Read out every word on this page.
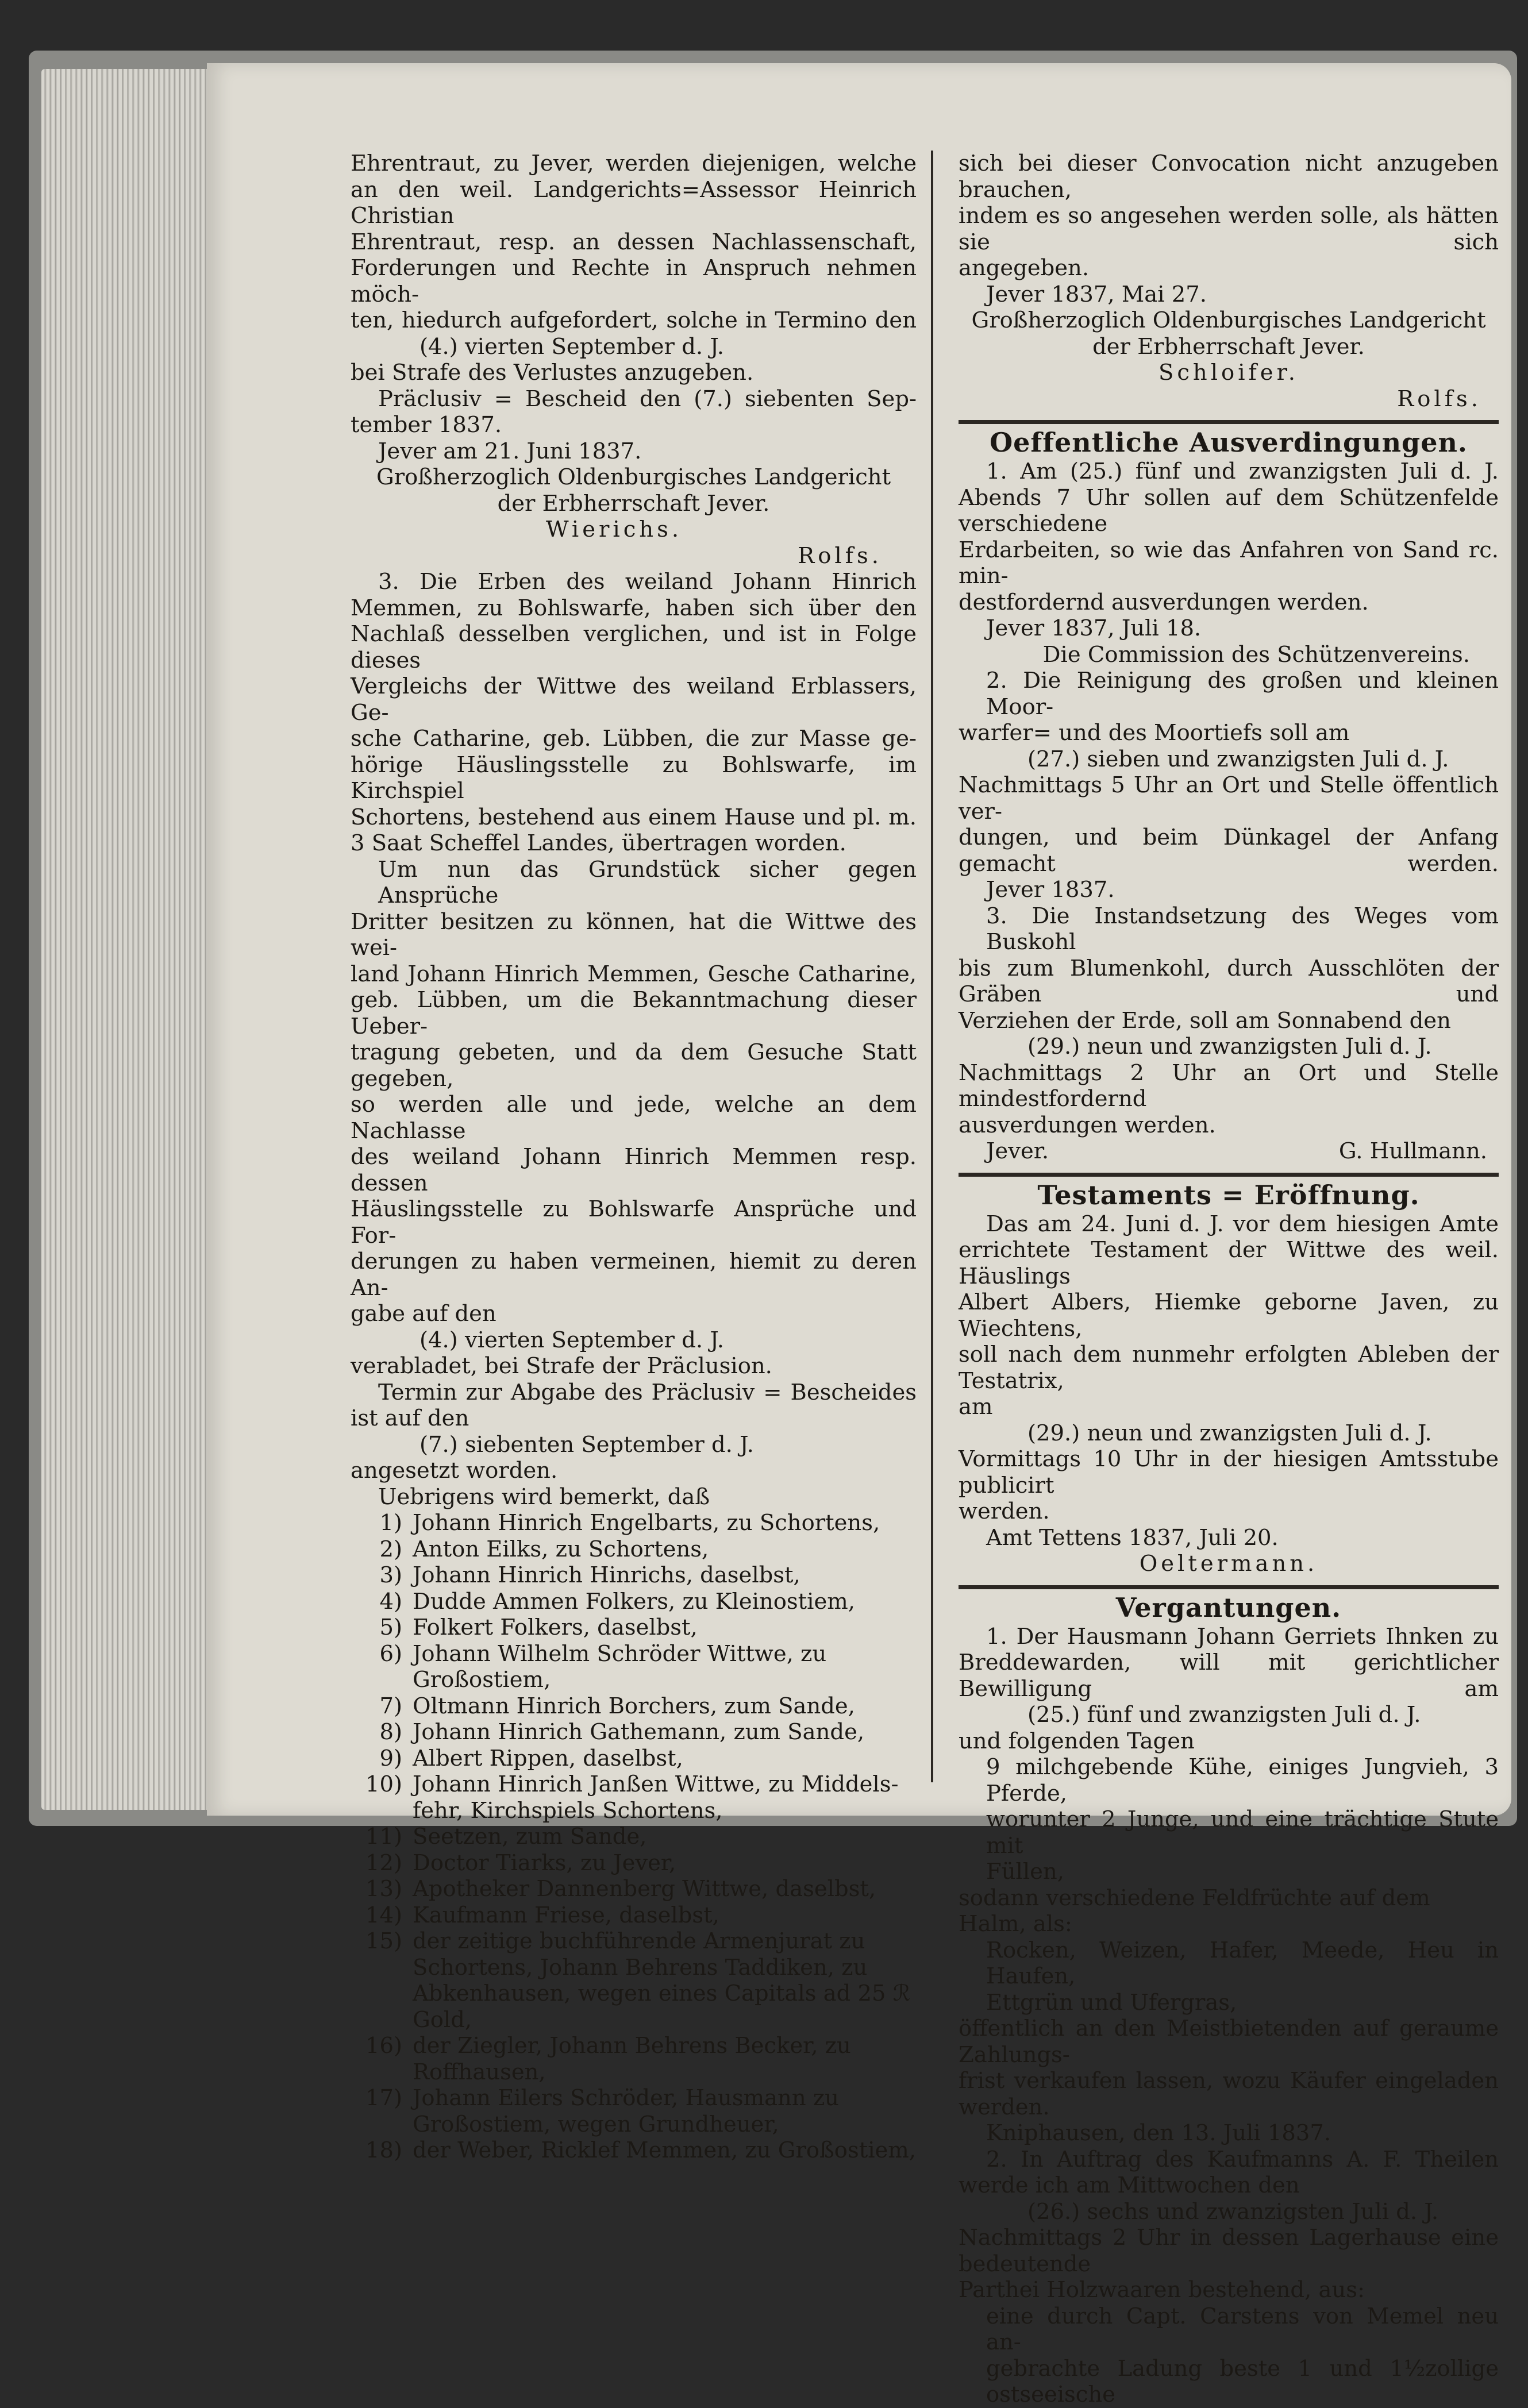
Ehrentraut, zu Jever, werden diejenigen, welche

an den weil. Landgerichts=Assessor Heinrich Christian

Ehrentraut, resp. an dessen Nachlassenschaft,

Forderungen und Rechte in Anspruch nehmen möch-

ten, hiedurch aufgefordert, solche in Termino den

(4.) vierten September d. J.

bei Strafe des Verlustes anzugeben.

Präclusiv = Bescheid den (7.) siebenten Sep-

tember 1837.

Jever am 21. Juni 1837.

Großherzoglich Oldenburgisches Landgericht

der Erbherrschaft Jever.

Wierichs.

Rolfs.

3. Die Erben des weiland Johann Hinrich

Memmen, zu Bohlswarfe, haben sich über den

Nachlaß desselben verglichen, und ist in Folge dieses

Vergleichs der Wittwe des weiland Erblassers, Ge-

sche Catharine, geb. Lübben, die zur Masse ge-

hörige Häuslingsstelle zu Bohlswarfe, im Kirchspiel

Schortens, bestehend aus einem Hause und pl. m.

3 Saat Scheffel Landes, übertragen worden.

Um nun das Grundstück sicher gegen Ansprüche

Dritter besitzen zu können, hat die Wittwe des wei-

land Johann Hinrich Memmen, Gesche Catharine,

geb. Lübben, um die Bekanntmachung dieser Ueber-

tragung gebeten, und da dem Gesuche Statt gegeben,

so werden alle und jede, welche an dem Nachlasse

des weiland Johann Hinrich Memmen resp. dessen

Häuslingsstelle zu Bohlswarfe Ansprüche und For-

derungen zu haben vermeinen, hiemit zu deren An-

gabe auf den

(4.) vierten September d. J.

verabladet, bei Strafe der Präclusion.

Termin zur Abgabe des Präclusiv = Bescheides

ist auf den

(7.) siebenten September d. J.

angesetzt worden.

Uebrigens wird bemerkt, daß

1) Johann Hinrich Engelbarts, zu Schortens,
2) Anton Eilks, zu Schortens,
3) Johann Hinrich Hinrichs, daselbst,
4) Dudde Ammen Folkers, zu Kleinostiem,
5) Folkert Folkers, daselbst,
6) Johann Wilhelm Schröder Wittwe, zu Großostiem,
7) Oltmann Hinrich Borchers, zum Sande,
8) Johann Hinrich Gathemann, zum Sande,
9) Albert Rippen, daselbst,
10) Johann Hinrich Janßen Wittwe, zu Middels-fehr, Kirchspiels Schortens,
11) Seetzen, zum Sande,
12) Doctor Tiarks, zu Jever,
13) Apotheker Dannenberg Wittwe, daselbst,
14) Kaufmann Friese, daselbst,
15) der zeitige buchführende Armenjurat zu Schortens, Johann Behrens Taddiken, zu Abkenhausen, wegen eines Capitals ad 25 ℛ Gold,
16) der Ziegler, Johann Behrens Becker, zu Roffhausen,
17) Johann Eilers Schröder, Hausmann zu Großostiem, wegen Grundheuer,
18) der Weber, Ricklef Memmen, zu Großostiem,

sich bei dieser Convocation nicht anzugeben brauchen,

indem es so angesehen werden solle, als hätten sie sich

angegeben.

Jever 1837, Mai 27.

Großherzoglich Oldenburgisches Landgericht

der Erbherrschaft Jever.

Schloifer.

Rolfs.

Oeffentliche Ausverdingungen.

1. Am (25.) fünf und zwanzigsten Juli d. J.

Abends 7 Uhr sollen auf dem Schützenfelde verschiedene

Erdarbeiten, so wie das Anfahren von Sand rc. min-

destfordernd ausverdungen werden.

Jever 1837, Juli 18.

Die Commission des Schützenvereins.

2. Die Reinigung des großen und kleinen Moor-

warfer= und des Moortiefs soll am

(27.) sieben und zwanzigsten Juli d. J.

Nachmittags 5 Uhr an Ort und Stelle öffentlich ver-

dungen, und beim Dünkagel der Anfang gemacht werden.

Jever 1837.

3. Die Instandsetzung des Weges vom Buskohl

bis zum Blumenkohl, durch Ausschlöten der Gräben und

Verziehen der Erde, soll am Sonnabend den

(29.) neun und zwanzigsten Juli d. J.

Nachmittags 2 Uhr an Ort und Stelle mindestfordernd

ausverdungen werden.

Jever.	G. Hullmann.
Testaments = Eröffnung.

Das am 24. Juni d. J. vor dem hiesigen Amte

errichtete Testament der Wittwe des weil. Häuslings

Albert Albers, Hiemke geborne Javen, zu Wiechtens,

soll nach dem nunmehr erfolgten Ableben der Testatrix,

am

(29.) neun und zwanzigsten Juli d. J.

Vormittags 10 Uhr in der hiesigen Amtsstube publicirt

werden.

Amt Tettens 1837, Juli 20.

Oeltermann.

Vergantungen.

1. Der Hausmann Johann Gerriets Ihnken zu

Breddewarden, will mit gerichtlicher Bewilligung am

(25.) fünf und zwanzigsten Juli d. J.

und folgenden Tagen

9 milchgebende Kühe, einiges Jungvieh, 3 Pferde,

worunter 2 Junge, und eine trächtige Stute mit

Füllen,

sodann verschiedene Feldfrüchte auf dem Halm, als:

Rocken, Weizen, Hafer, Meede, Heu in Haufen,

Ettgrün und Ufergras,

öffentlich an den Meistbietenden auf geraume Zahlungs-

frist verkaufen lassen, wozu Käufer eingeladen werden.

Kniphausen, den 13. Juli 1837.

2. In Auftrag des Kaufmanns A. F. Theilen

werde ich am Mittwochen den

(26.) sechs und zwanzigsten Juli d. J.

Nachmittags 2 Uhr in dessen Lagerhause eine bedeutende

Parthei Holzwaaren bestehend, aus:

eine durch Capt. Carstens von Memel neu an-

gebrachte Ladung beste 1 und 1½zollige ostseeische
